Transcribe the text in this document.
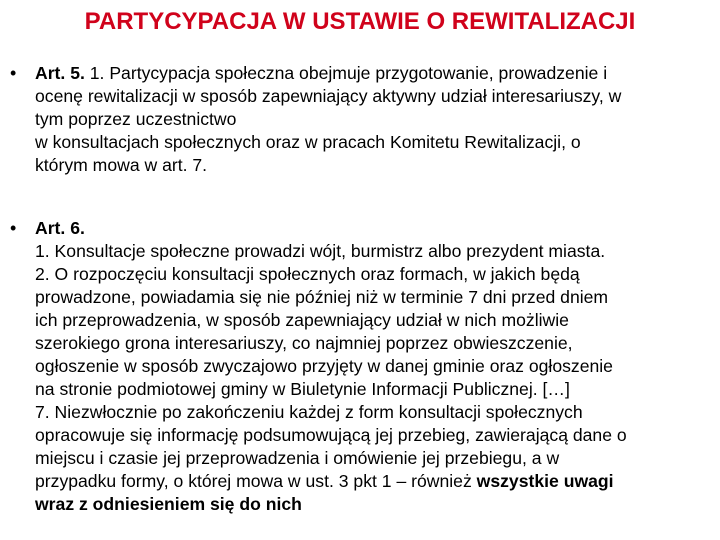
PARTYCYPACJA W USTAWIE O REWITALIZACJI
• Art. 5. 1. Partycypacja społeczna obejmuje przygotowanie, prowadzenie i
ocenę rewitalizacji w sposób zapewniający aktywny udział interesariuszy, w
tym poprzez uczestnictwo
w konsultacjach społecznych oraz w pracach Komitetu Rewitalizacji, o
którym mowa w art. 7.
• Art. 6.
1. Konsultacje społeczne prowadzi wójt, burmistrz albo prezydent miasta.
2. O rozpoczęciu konsultacji społecznych oraz formach, w jakich będą
prowadzone, powiadamia się nie później niż w terminie 7 dni przed dniem
ich przeprowadzenia, w sposób zapewniający udział w nich możliwie
szerokiego grona interesariuszy, co najmniej poprzez obwieszczenie,
ogłoszenie w sposób zwyczajowo przyjęty w danej gminie oraz ogłoszenie
na stronie podmiotowej gminy w Biuletynie Informacji Publicznej. […]
7. Niezwłocznie po zakończeniu każdej z form konsultacji społecznych
opracowuje się informację podsumowującą jej przebieg, zawierającą dane o
miejscu i czasie jej przeprowadzenia i omówienie jej przebiegu, a w
przypadku formy, o której mowa w ust. 3 pkt 1 – również wszystkie uwagi
wraz z odniesieniem się do nich
